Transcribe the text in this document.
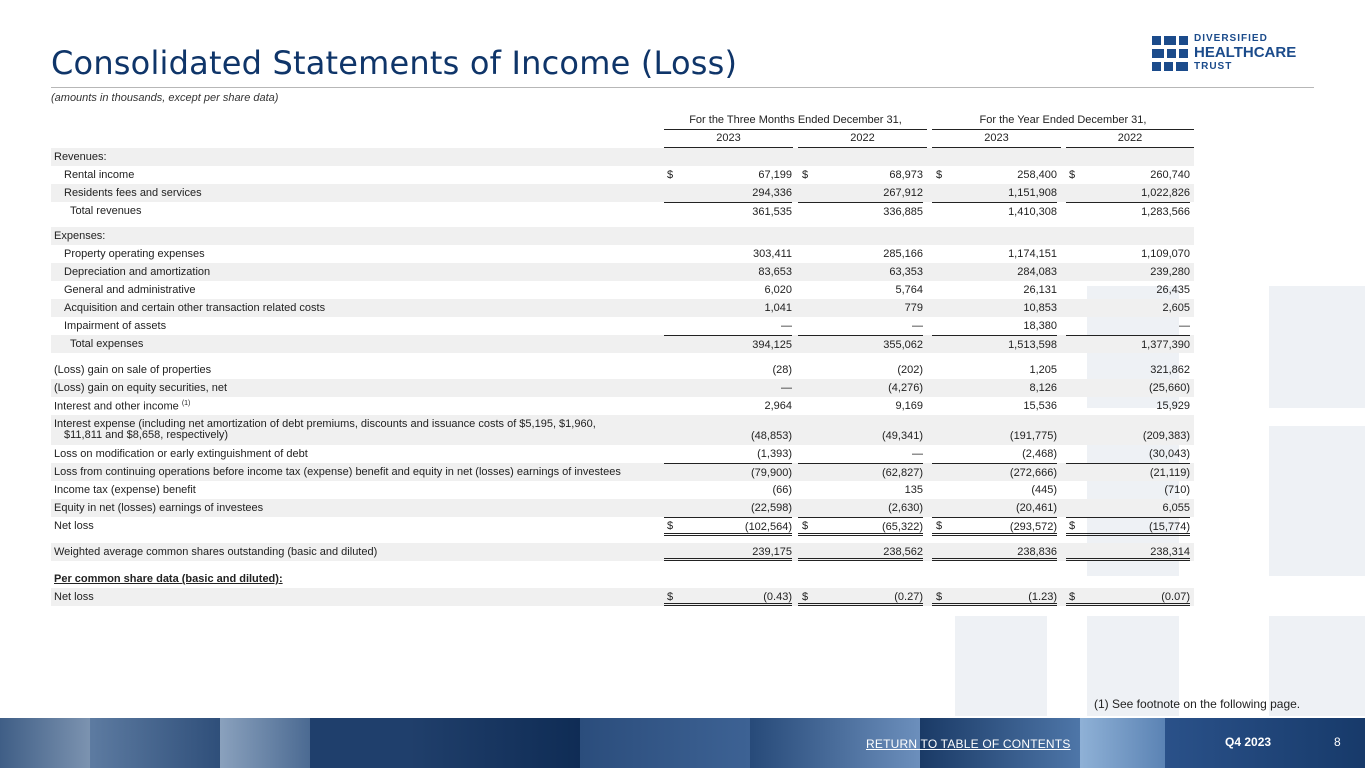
Consolidated Statements of Income (Loss)
(amounts in thousands, except per share data)
DIVERSIFIED
HEALTHCARE
TRUST
For the Three Months Ended December 31,	For the Year Ended December 31,
2023	2022	2023	2022
Revenues:
Rental income	$	67,199 $	68,973 $	258,400 $	260,740
Residents fees and services	294,336	267,912	1,151,908	1,022,826
Total revenues	361,535	336,885	1,410,308	1,283,566
Expenses:
Property operating expenses	303,411	285,166	1,174,151	1,109,070
Depreciation and amortization	83,653	63,353	284,083	239,280
General and administrative	6,020	5,764	26,131	26,435
Acquisition and certain other transaction related costs	1,041	779	10,853	2,605
Impairment of assets	—	—	18,380	—
Total expenses	394,125	355,062	1,513,598	1,377,390
(Loss) gain on sale of properties	(28)	(202)	1,205	321,862
(Loss) gain on equity securities, net	—	(4,276)	8,126	(25,660)
Interest and other income $^{(1)}$	2,964	9,169	15,536	15,929
Interest expense (including net amortization of debt premiums, discounts and issuance costs of $5,195, $1,960,
$11,811 and $8,658, respectively)	(48,853)	(49,341)	(191,775)	(209,383)
Loss on modification or early extinguishment of debt	(1,393)	—	(2,468)	(30,043)
Loss from continuing operations before income tax (expense) benefit and equity in net (losses) earnings of investees	(79,900)	(62,827)	(272,666)	(21,119)
Income tax (expense) benefit	(66)	135	(445)	(710)
Equity in net (losses) earnings of investees	(22,598)	(2,630)	(20,461)	6,055
Net loss	$	(102,564) $	(65,322) $	(293,572) $	(15,774)
Weighted average common shares outstanding (basic and diluted)	239,175	238,562	238,836	238,314
Per common share data (basic and diluted):
Net loss	$	(0.43) $	(0.27) $	(1.23) $	(0.07)
(1) See footnote on the following page.
RETURN TO TABLE OF CONTENTS	Q4 2023	8
